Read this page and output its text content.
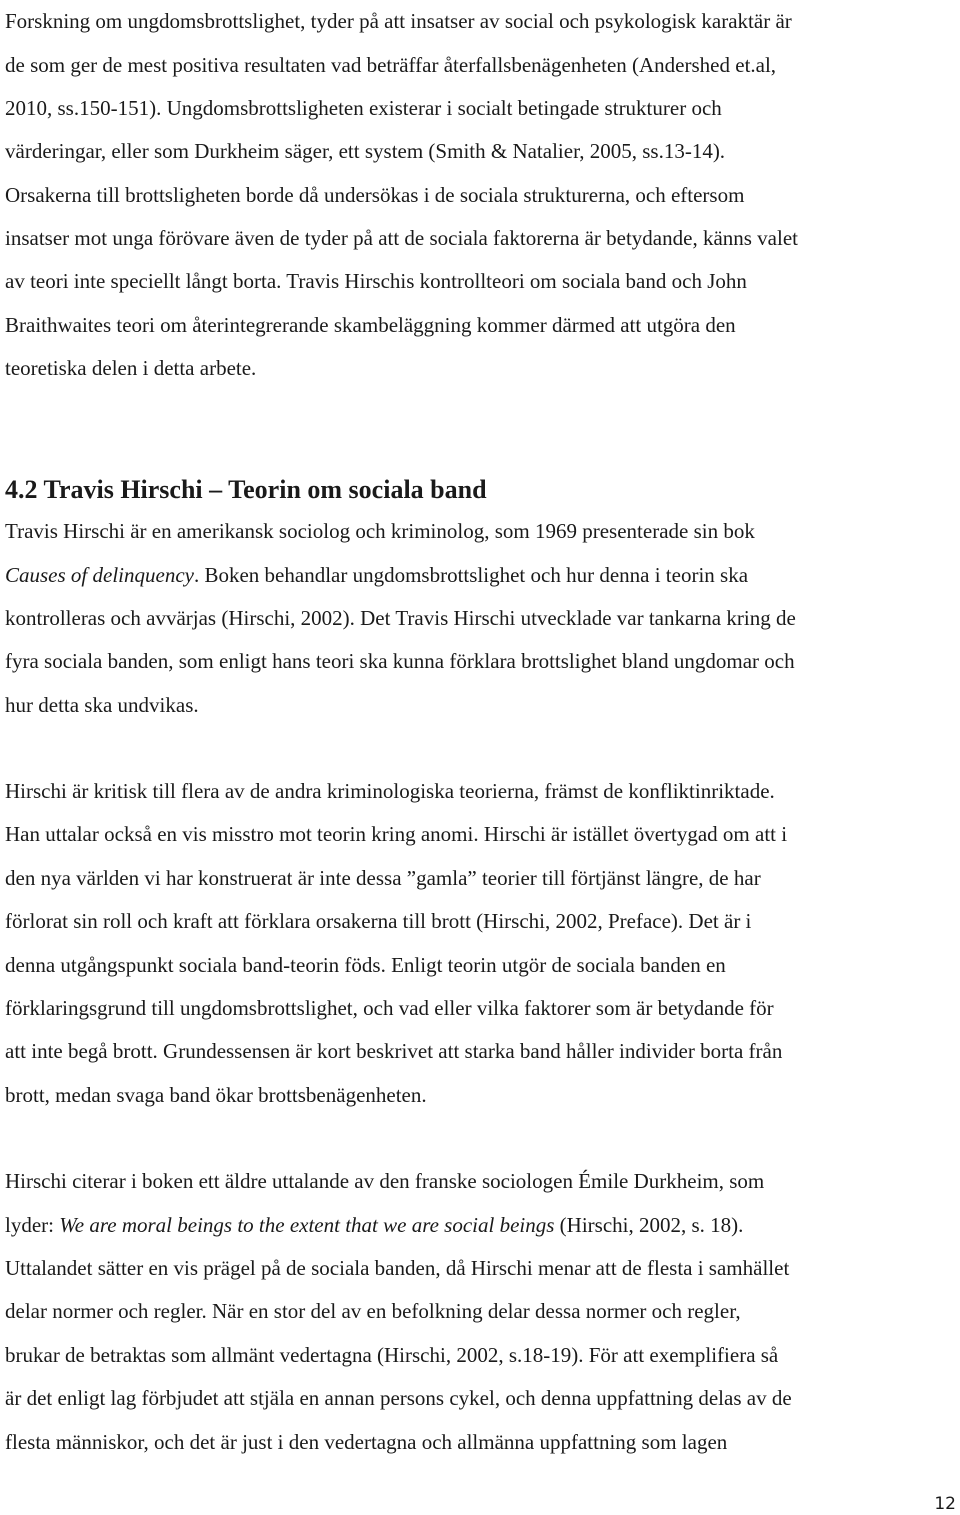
Forskning om ungdomsbrottslighet, tyder på att insatser av social och psykologisk karaktär är
de som ger de mest positiva resultaten vad beträffar återfallsbenägenheten (Andershed et.al,
2010, ss.150-151). Ungdomsbrottsligheten existerar i socialt betingade strukturer och
värderingar, eller som Durkheim säger, ett system (Smith & Natalier, 2005, ss.13-14).
Orsakerna till brottsligheten borde då undersökas i de sociala strukturerna, och eftersom
insatser mot unga förövare även de tyder på att de sociala faktorerna är betydande, känns valet
av teori inte speciellt långt borta. Travis Hirschis kontrollteori om sociala band och John
Braithwaites teori om återintegrerande skambeläggning kommer därmed att utgöra den
teoretiska delen i detta arbete.
4.2 Travis Hirschi – Teorin om sociala band
Travis Hirschi är en amerikansk sociolog och kriminolog, som 1969 presenterade sin bok
Causes of delinquency. Boken behandlar ungdomsbrottslighet och hur denna i teorin ska
kontrolleras och avvärjas (Hirschi, 2002). Det Travis Hirschi utvecklade var tankarna kring de
fyra sociala banden, som enligt hans teori ska kunna förklara brottslighet bland ungdomar och
hur detta ska undvikas.
Hirschi är kritisk till flera av de andra kriminologiska teorierna, främst de konfliktinriktade.
Han uttalar också en vis misstro mot teorin kring anomi. Hirschi är istället övertygad om att i
den nya världen vi har konstruerat är inte dessa ”gamla” teorier till förtjänst längre, de har
förlorat sin roll och kraft att förklara orsakerna till brott (Hirschi, 2002, Preface). Det är i
denna utgångspunkt sociala band-teorin föds. Enligt teorin utgör de sociala banden en
förklaringsgrund till ungdomsbrottslighet, och vad eller vilka faktorer som är betydande för
att inte begå brott. Grundessensen är kort beskrivet att starka band håller individer borta från
brott, medan svaga band ökar brottsbenägenheten.
Hirschi citerar i boken ett äldre uttalande av den franske sociologen Émile Durkheim, som
lyder: We are moral beings to the extent that we are social beings (Hirschi, 2002, s. 18).
Uttalandet sätter en vis prägel på de sociala banden, då Hirschi menar att de flesta i samhället
delar normer och regler. När en stor del av en befolkning delar dessa normer och regler,
brukar de betraktas som allmänt vedertagna (Hirschi, 2002, s.18-19). För att exemplifiera så
är det enligt lag förbjudet att stjäla en annan persons cykel, och denna uppfattning delas av de
flesta människor, och det är just i den vedertagna och allmänna uppfattning som lagen
12
